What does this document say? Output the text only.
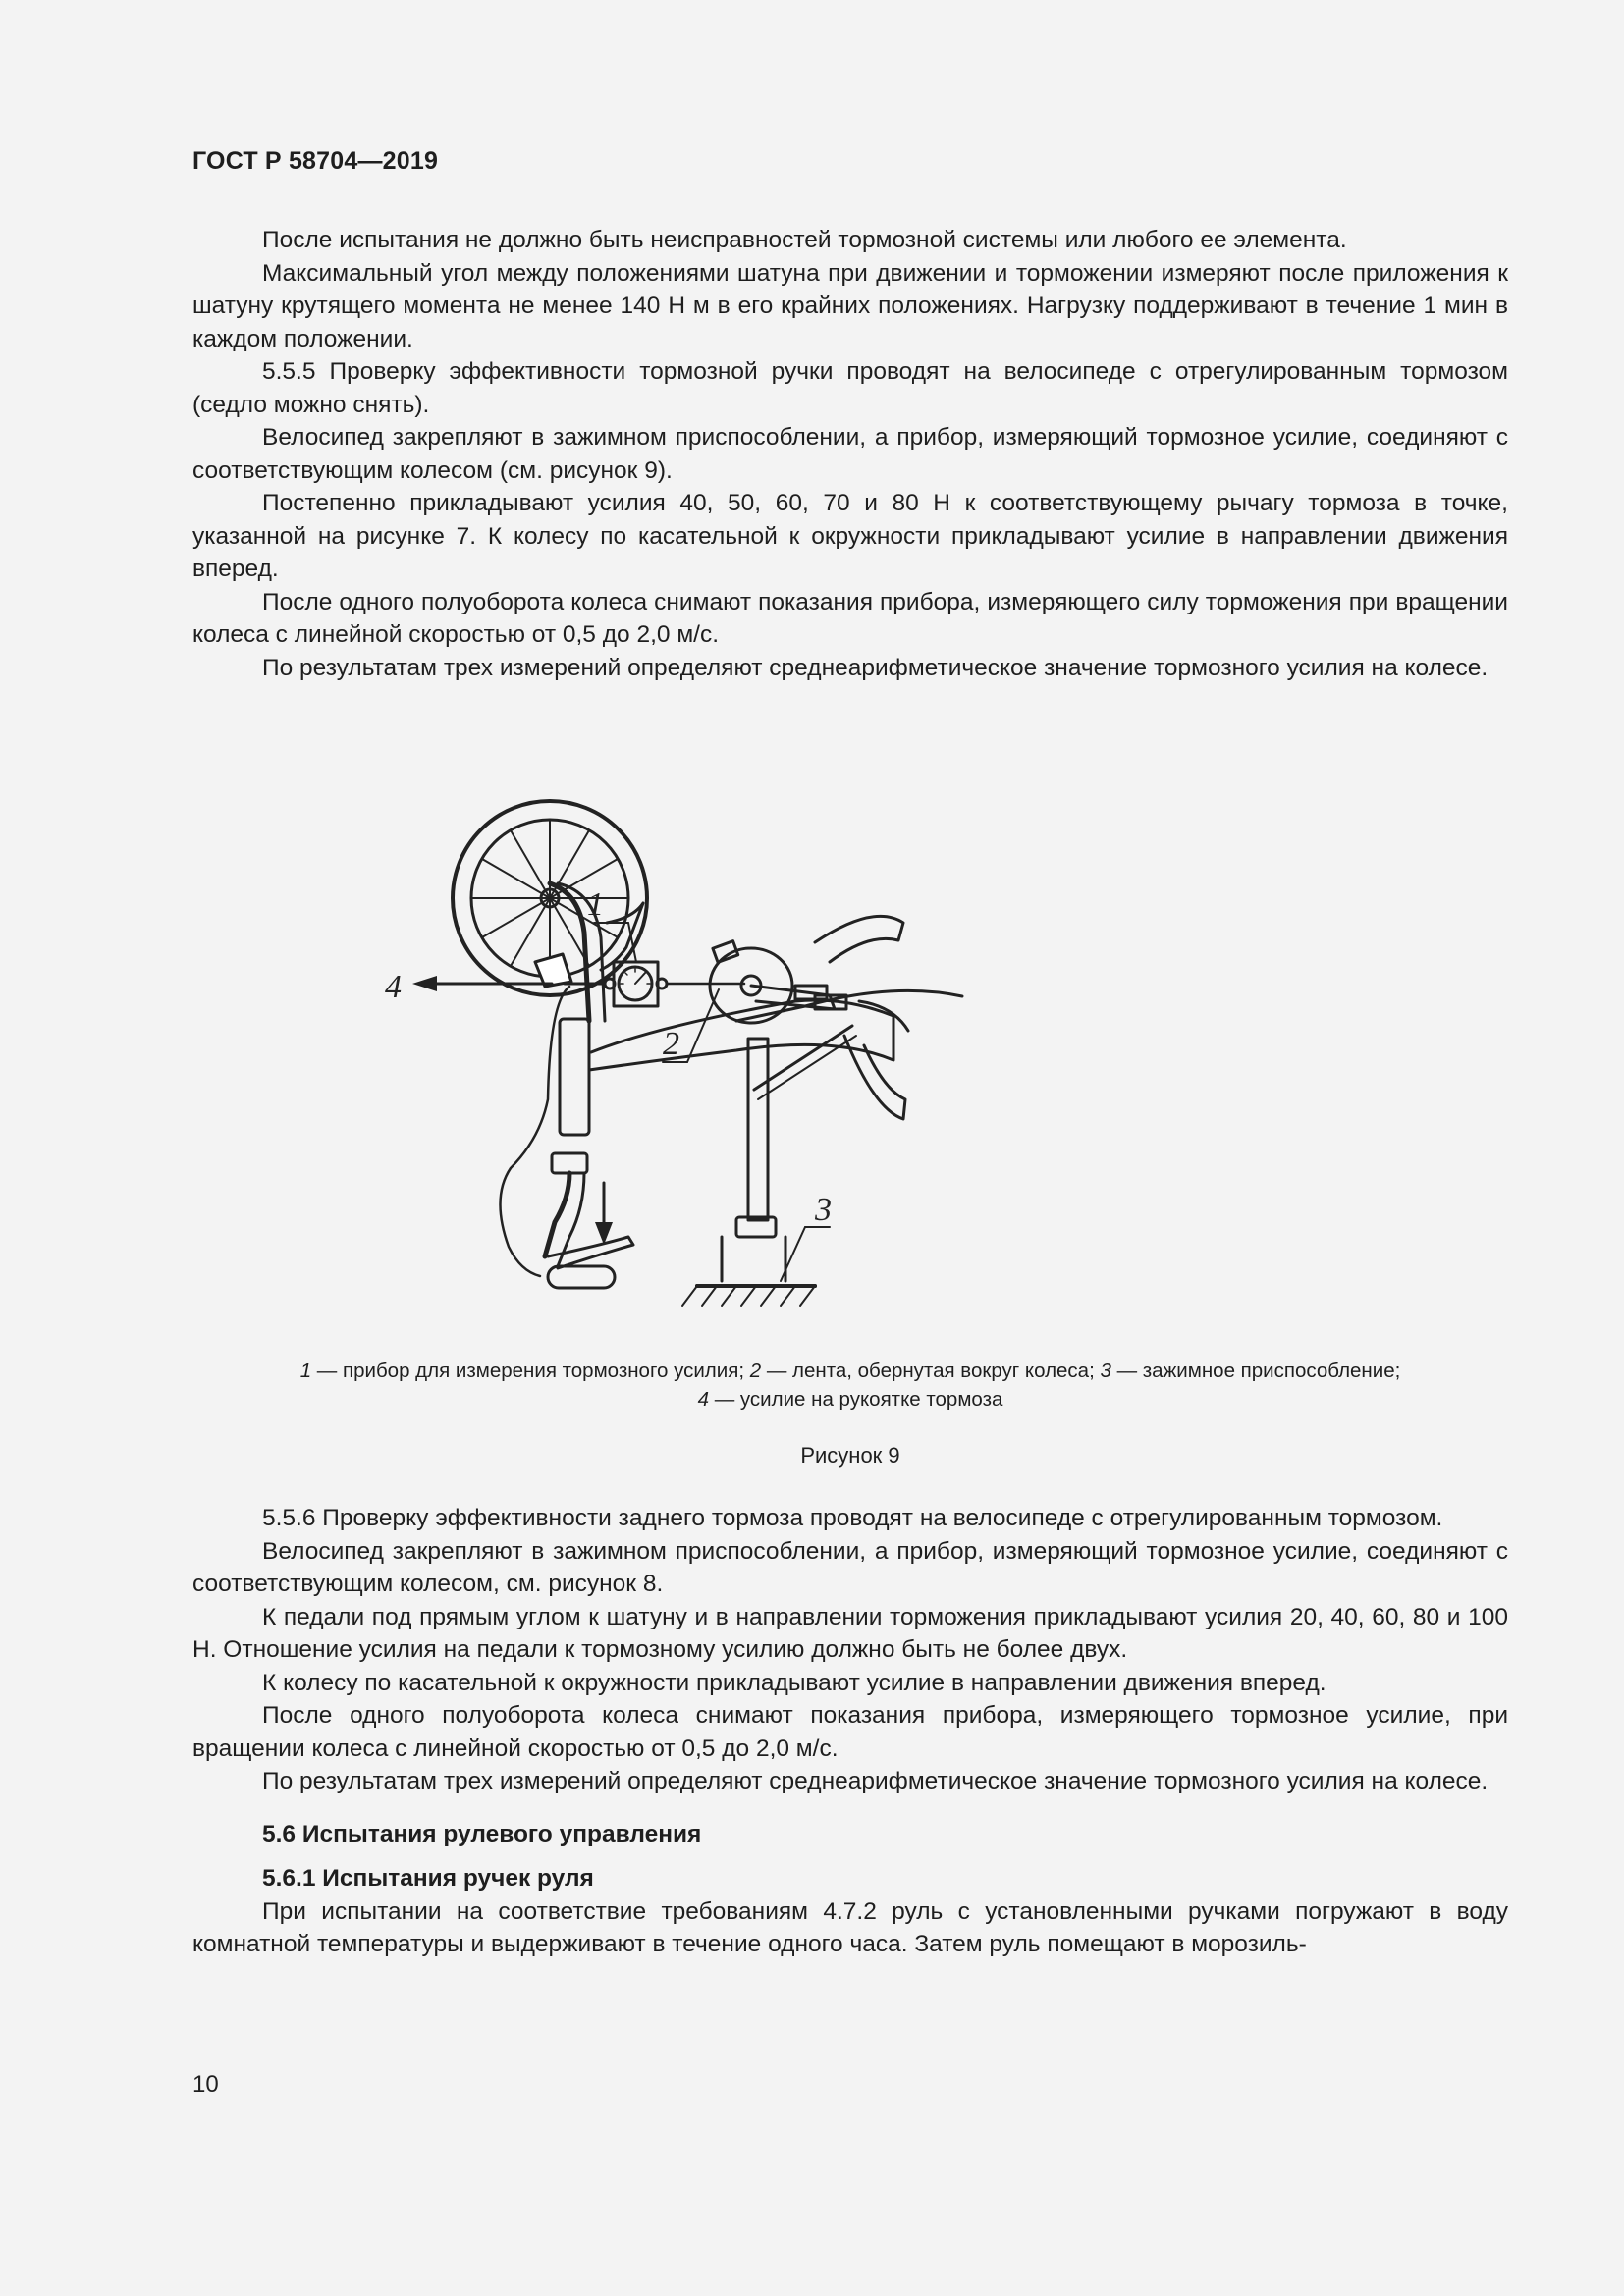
ГОСТ Р 58704—2019

После испытания не должно быть неисправностей тормозной системы или любого ее элемента.

Максимальный угол между положениями шатуна при движении и торможении измеряют после приложения к шатуну крутящего момента не менее 140 Н м в его крайних положениях. Нагрузку поддерживают в течение 1 мин в каждом положении.

5.5.5 Проверку эффективности тормозной ручки проводят на велосипеде с отрегулированным тормозом (седло можно снять).

Велосипед закрепляют в зажимном приспособлении, а прибор, измеряющий тормозное усилие, соединяют с соответствующим колесом (см. рисунок 9).

Постепенно прикладывают усилия 40, 50, 60, 70 и 80 Н к соответствующему рычагу тормоза в точке, указанной на рисунке 7. К колесу по касательной к окружности прикладывают усилие в направлении движения вперед.

После одного полуоборота колеса снимают показания прибора, измеряющего силу торможения при вращении колеса с линейной скоростью от 0,5 до 2,0 м/с.

По результатам трех измерений определяют среднеарифметическое значение тормозного усилия на колесе.

1
2
3
4
1 — прибор для измерения тормозного усилия; 2 — лента, обернутая вокруг колеса; 3 — зажимное приспособление;
4 — усилие на рукоятке тормоза
Рисунок 9

5.5.6 Проверку эффективности заднего тормоза проводят на велосипеде с отрегулированным тормозом.

Велосипед закрепляют в зажимном приспособлении, а прибор, измеряющий тормозное усилие, соединяют с соответствующим колесом, см. рисунок 8.

К педали под прямым углом к шатуну и в направлении торможения прикладывают усилия 20, 40, 60, 80 и 100 Н. Отношение усилия на педали к тормозному усилию должно быть не более двух.

К колесу по касательной к окружности прикладывают усилие в направлении движения вперед.

После одного полуоборота колеса снимают показания прибора, измеряющего тормозное усилие, при вращении колеса с линейной скоростью от 0,5 до 2,0 м/с.

По результатам трех измерений определяют среднеарифметическое значение тормозного усилия на колесе.

5.6 Испытания рулевого управления

5.6.1 Испытания ручек руля

При испытании на соответствие требованиям 4.7.2 руль с установленными ручками погружают в воду комнатной температуры и выдерживают в течение одного часа. Затем руль помещают в морозиль-

10
